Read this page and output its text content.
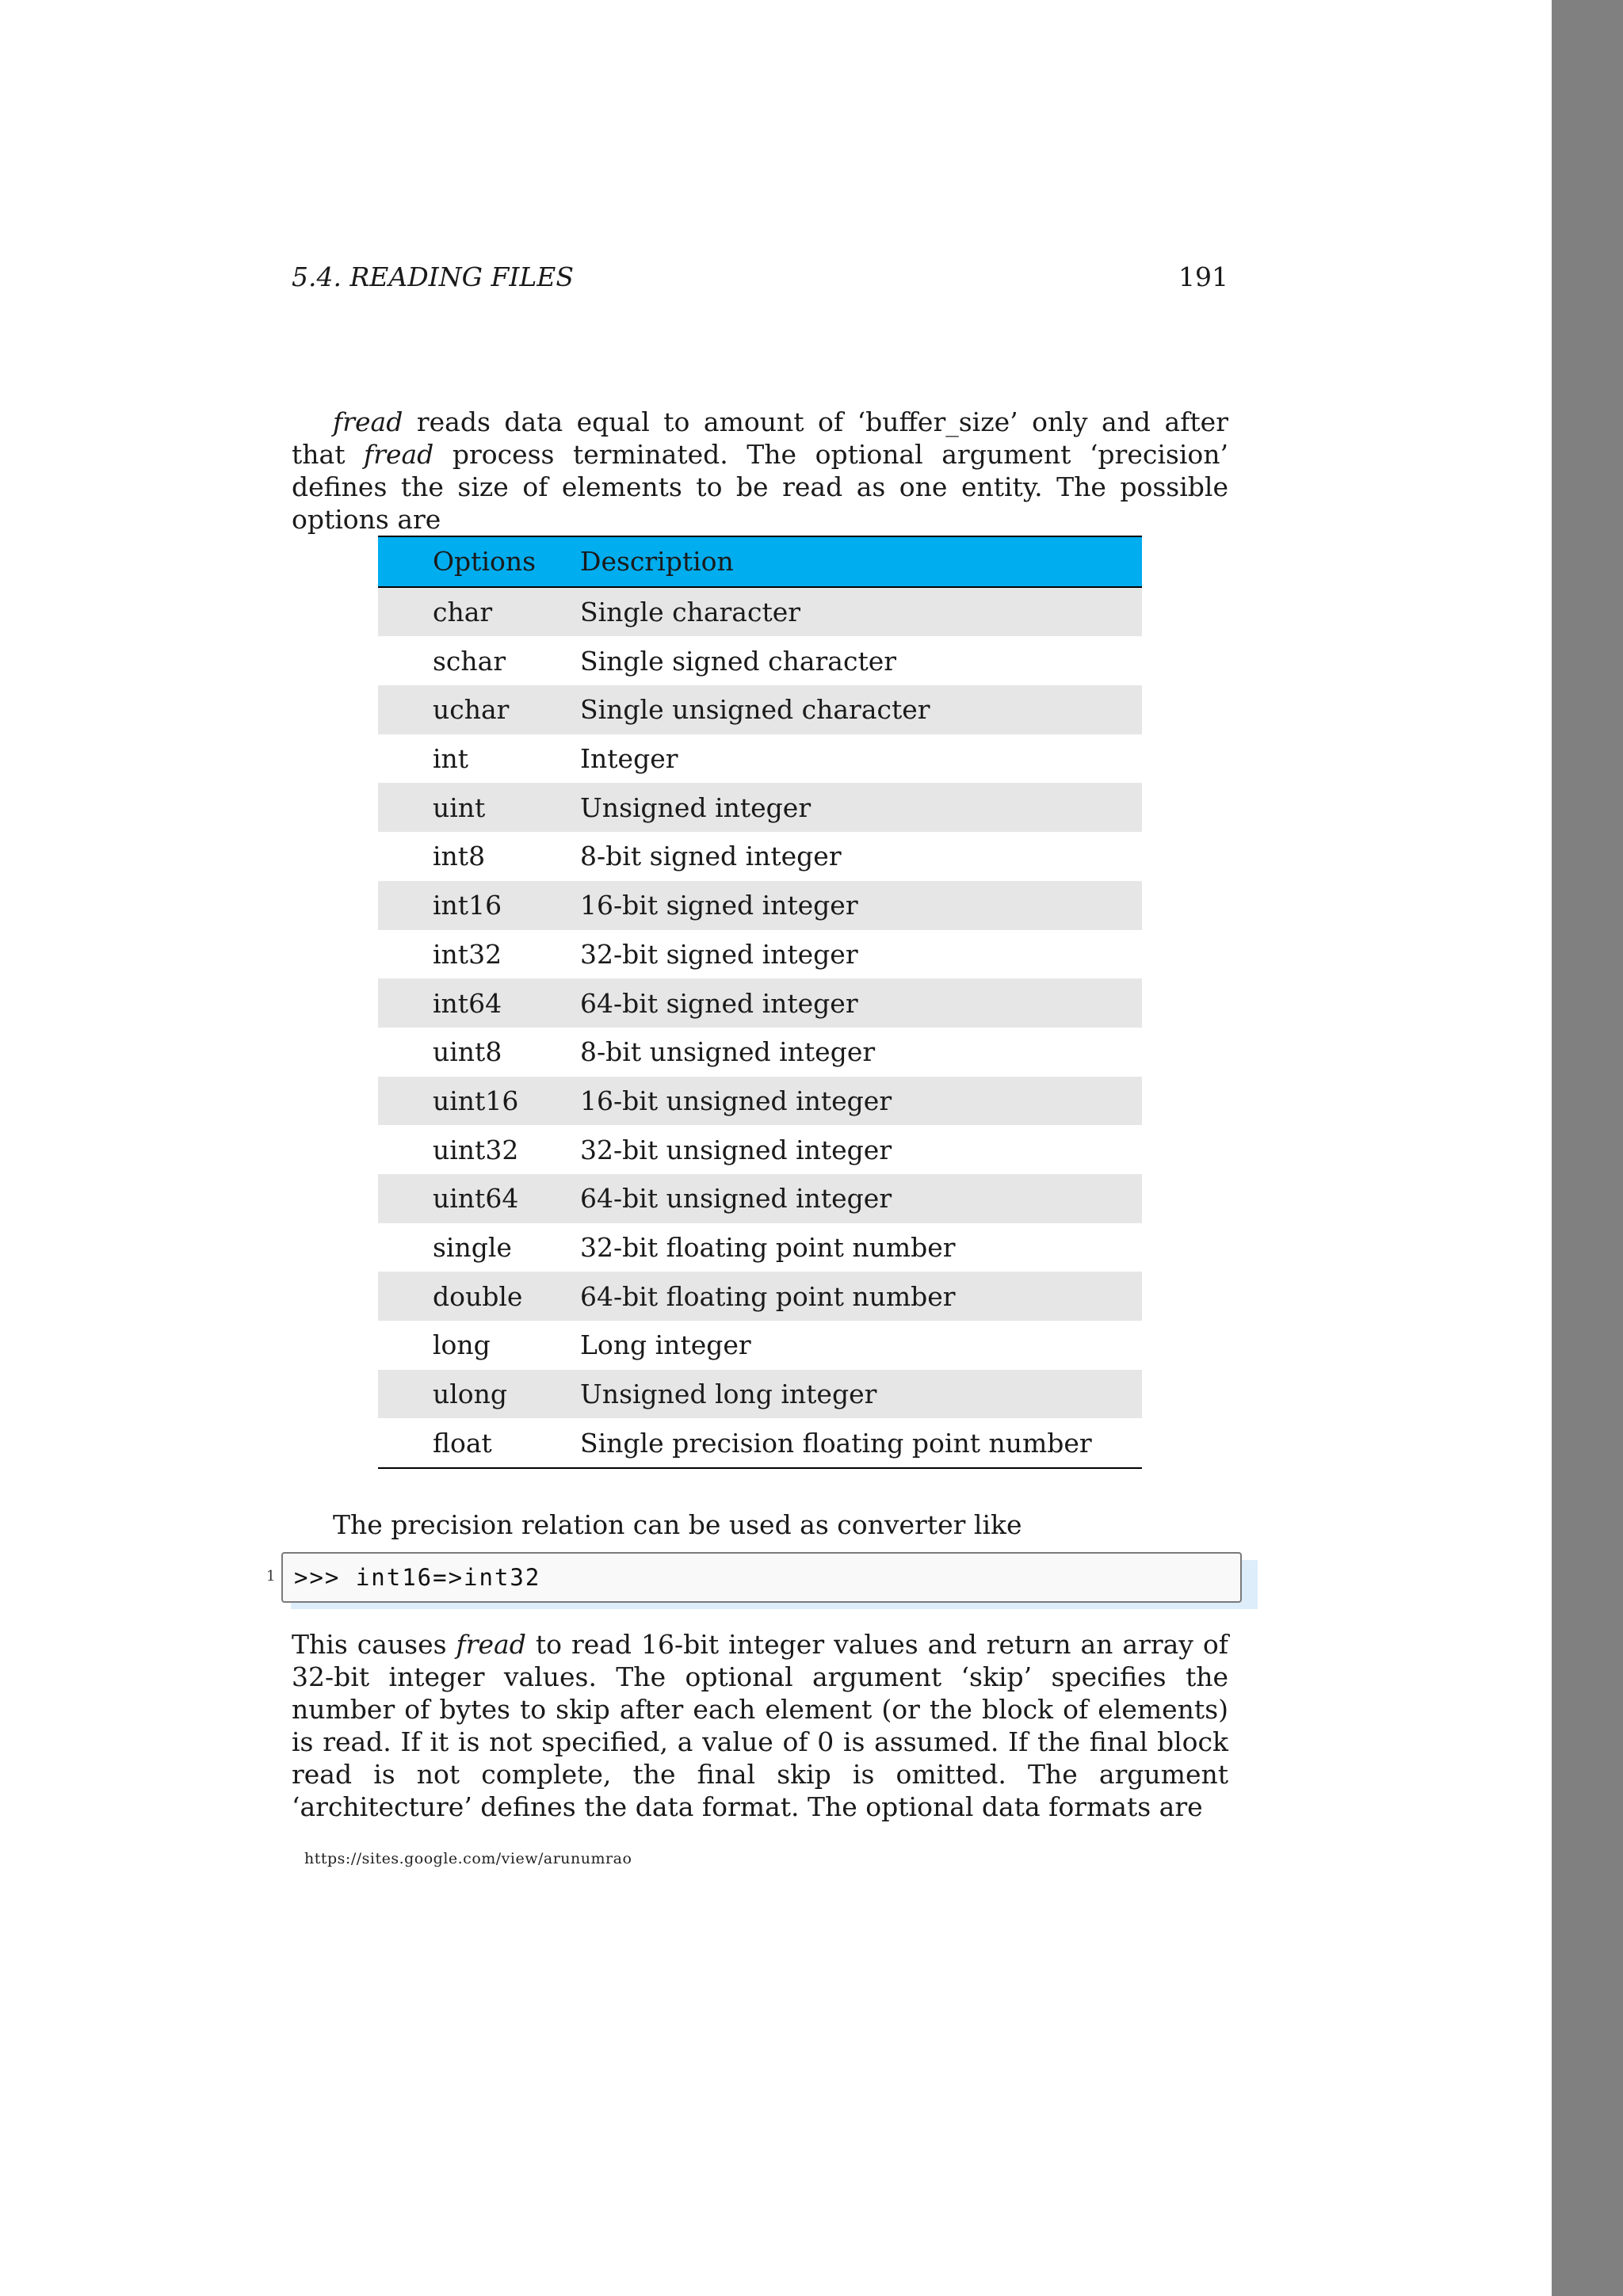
5.4. READING FILES	191
fread reads data equal to amount of ‘buffer_size’ only and after that fread process terminated. The optional argument ‘precision’ defines the size of elements to be read as one entity. The possible options are
Options	Description
char	Single character
schar	Single signed character
uchar	Single unsigned character
int	Integer
uint	Unsigned integer
int8	8-bit signed integer
int16	16-bit signed integer
int32	32-bit signed integer
int64	64-bit signed integer
uint8	8-bit unsigned integer
uint16	16-bit unsigned integer
uint32	32-bit unsigned integer
uint64	64-bit unsigned integer
single	32-bit floating point number
double	64-bit floating point number
long	Long integer
ulong	Unsigned long integer
float	Single precision floating point number
The precision relation can be used as converter like
1 >>> int16=>int32
This causes fread to read 16-bit integer values and return an array of 32-bit integer values. The optional argument ‘skip’ specifies the number of bytes to skip after each element (or the block of elements) is read. If it is not specified, a value of 0 is assumed. If the final block read is not complete, the final skip is omitted. The argument ‘architecture’ defines the data format. The optional data formats are
https://sites.google.com/view/arunumrao
